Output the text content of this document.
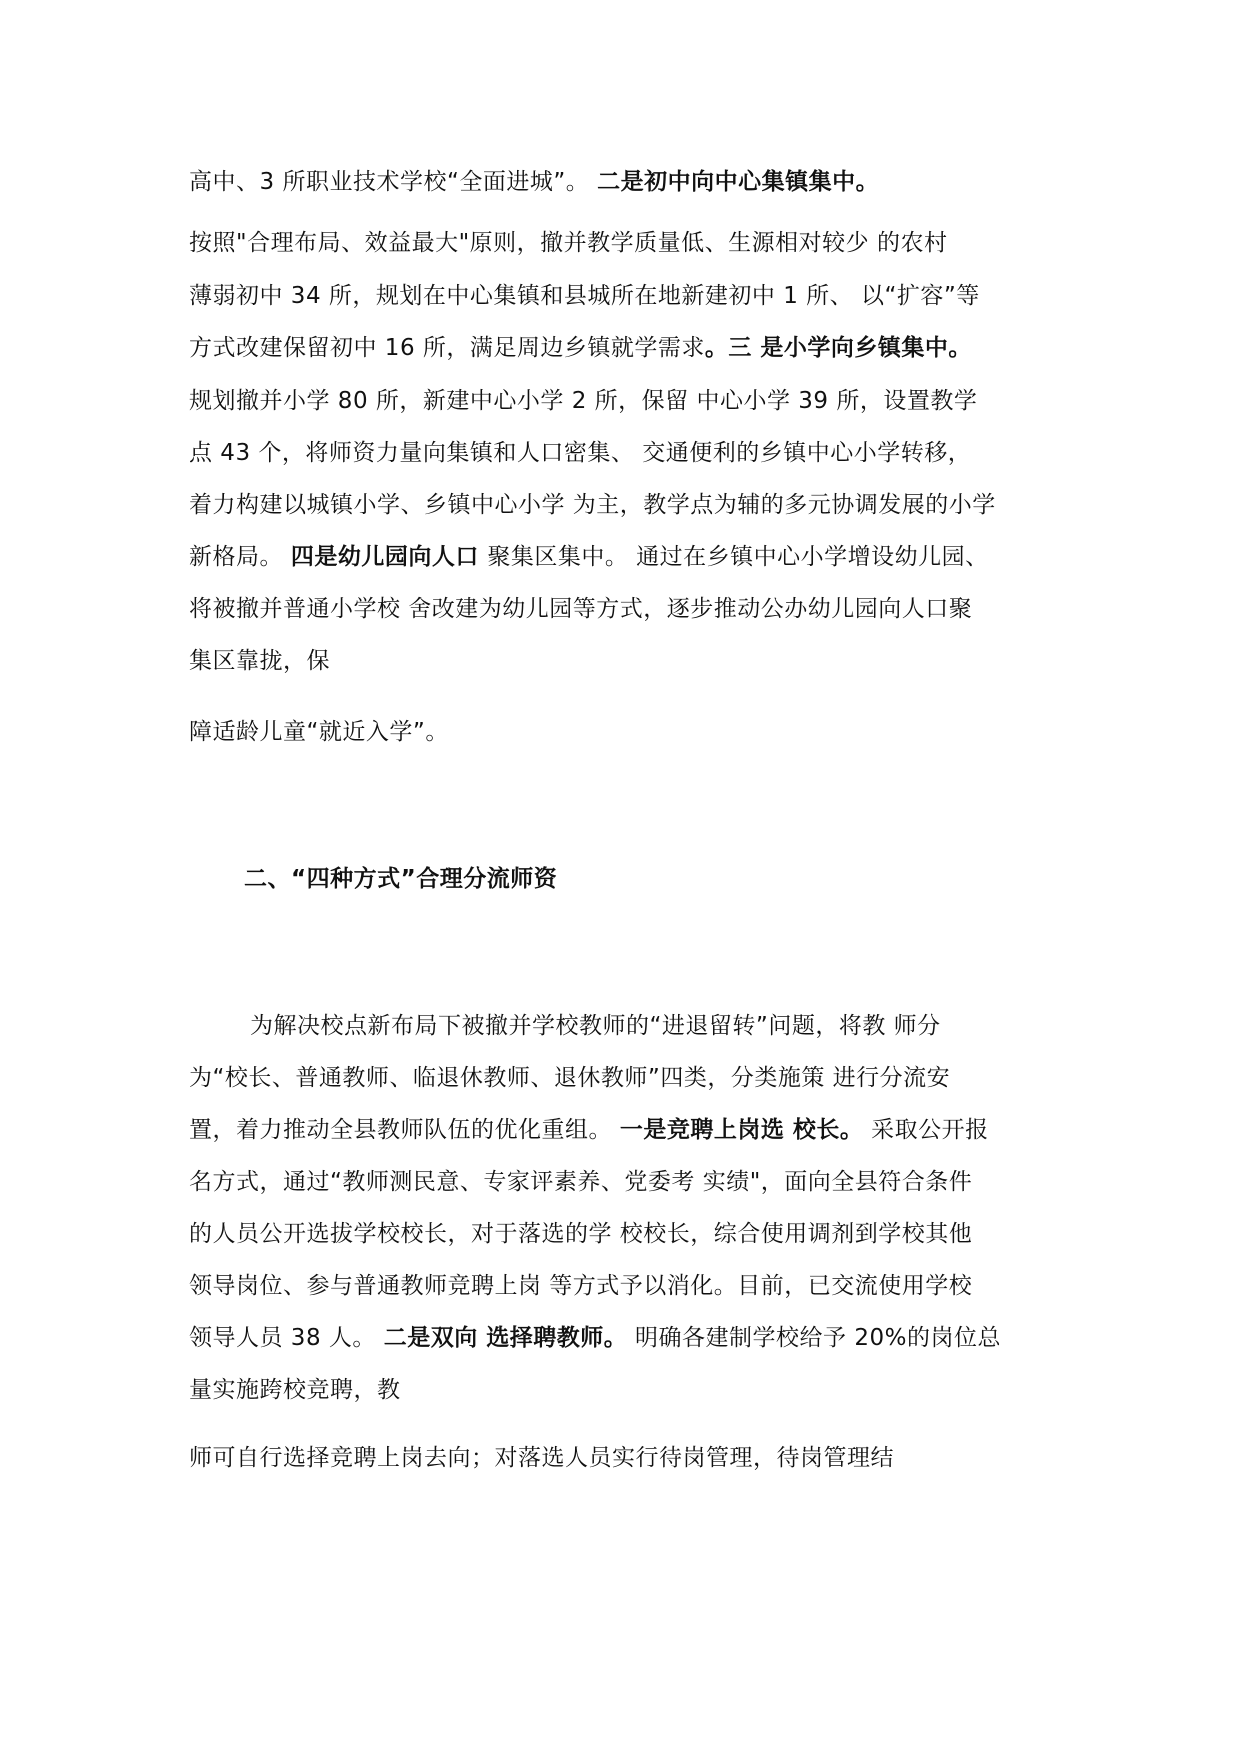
高中、3 所职业技术学校“全面进城”。 二是初中向中心集镇集中。
按照"合理布局、效益最大"原则，撤并教学质量低、生源相对较少 的农村
薄弱初中 34 所，规划在中心集镇和县城所在地新建初中 1 所、 以“扩容”等
方式改建保留初中 16 所，满足周边乡镇就学需求。三 是小学向乡镇集中。
规划撤并小学 80 所，新建中心小学 2 所，保留 中心小学 39 所，设置教学
点 43 个，将师资力量向集镇和人口密集、 交通便利的乡镇中心小学转移，
着力构建以城镇小学、乡镇中心小学 为主，教学点为辅的多元协调发展的小学
新格局。 四是幼儿园向人口 聚集区集中。 通过在乡镇中心小学增设幼儿园、
将被撤并普通小学校 舍改建为幼儿园等方式，逐步推动公办幼儿园向人口聚
集区靠拢，保
障适龄儿童“就近入学”。
二、“四种方式”合理分流师资
为解决校点新布局下被撤并学校教师的“进退留转”问题，将教 师分
为“校长、普通教师、临退休教师、退休教师”四类，分类施策 进行分流安
置，着力推动全县教师队伍的优化重组。 一是竞聘上岗选 校长。 采取公开报
名方式，通过“教师测民意、专家评素养、党委考 实绩"，面向全县符合条件
的人员公开选拔学校校长，对于落选的学 校校长，综合使用调剂到学校其他
领导岗位、参与普通教师竞聘上岗 等方式予以消化。目前，已交流使用学校
领导人员 38 人。 二是双向 选择聘教师。 明确各建制学校给予 20%的岗位总
量实施跨校竞聘，教
师可自行选择竞聘上岗去向；对落选人员实行待岗管理，待岗管理结
